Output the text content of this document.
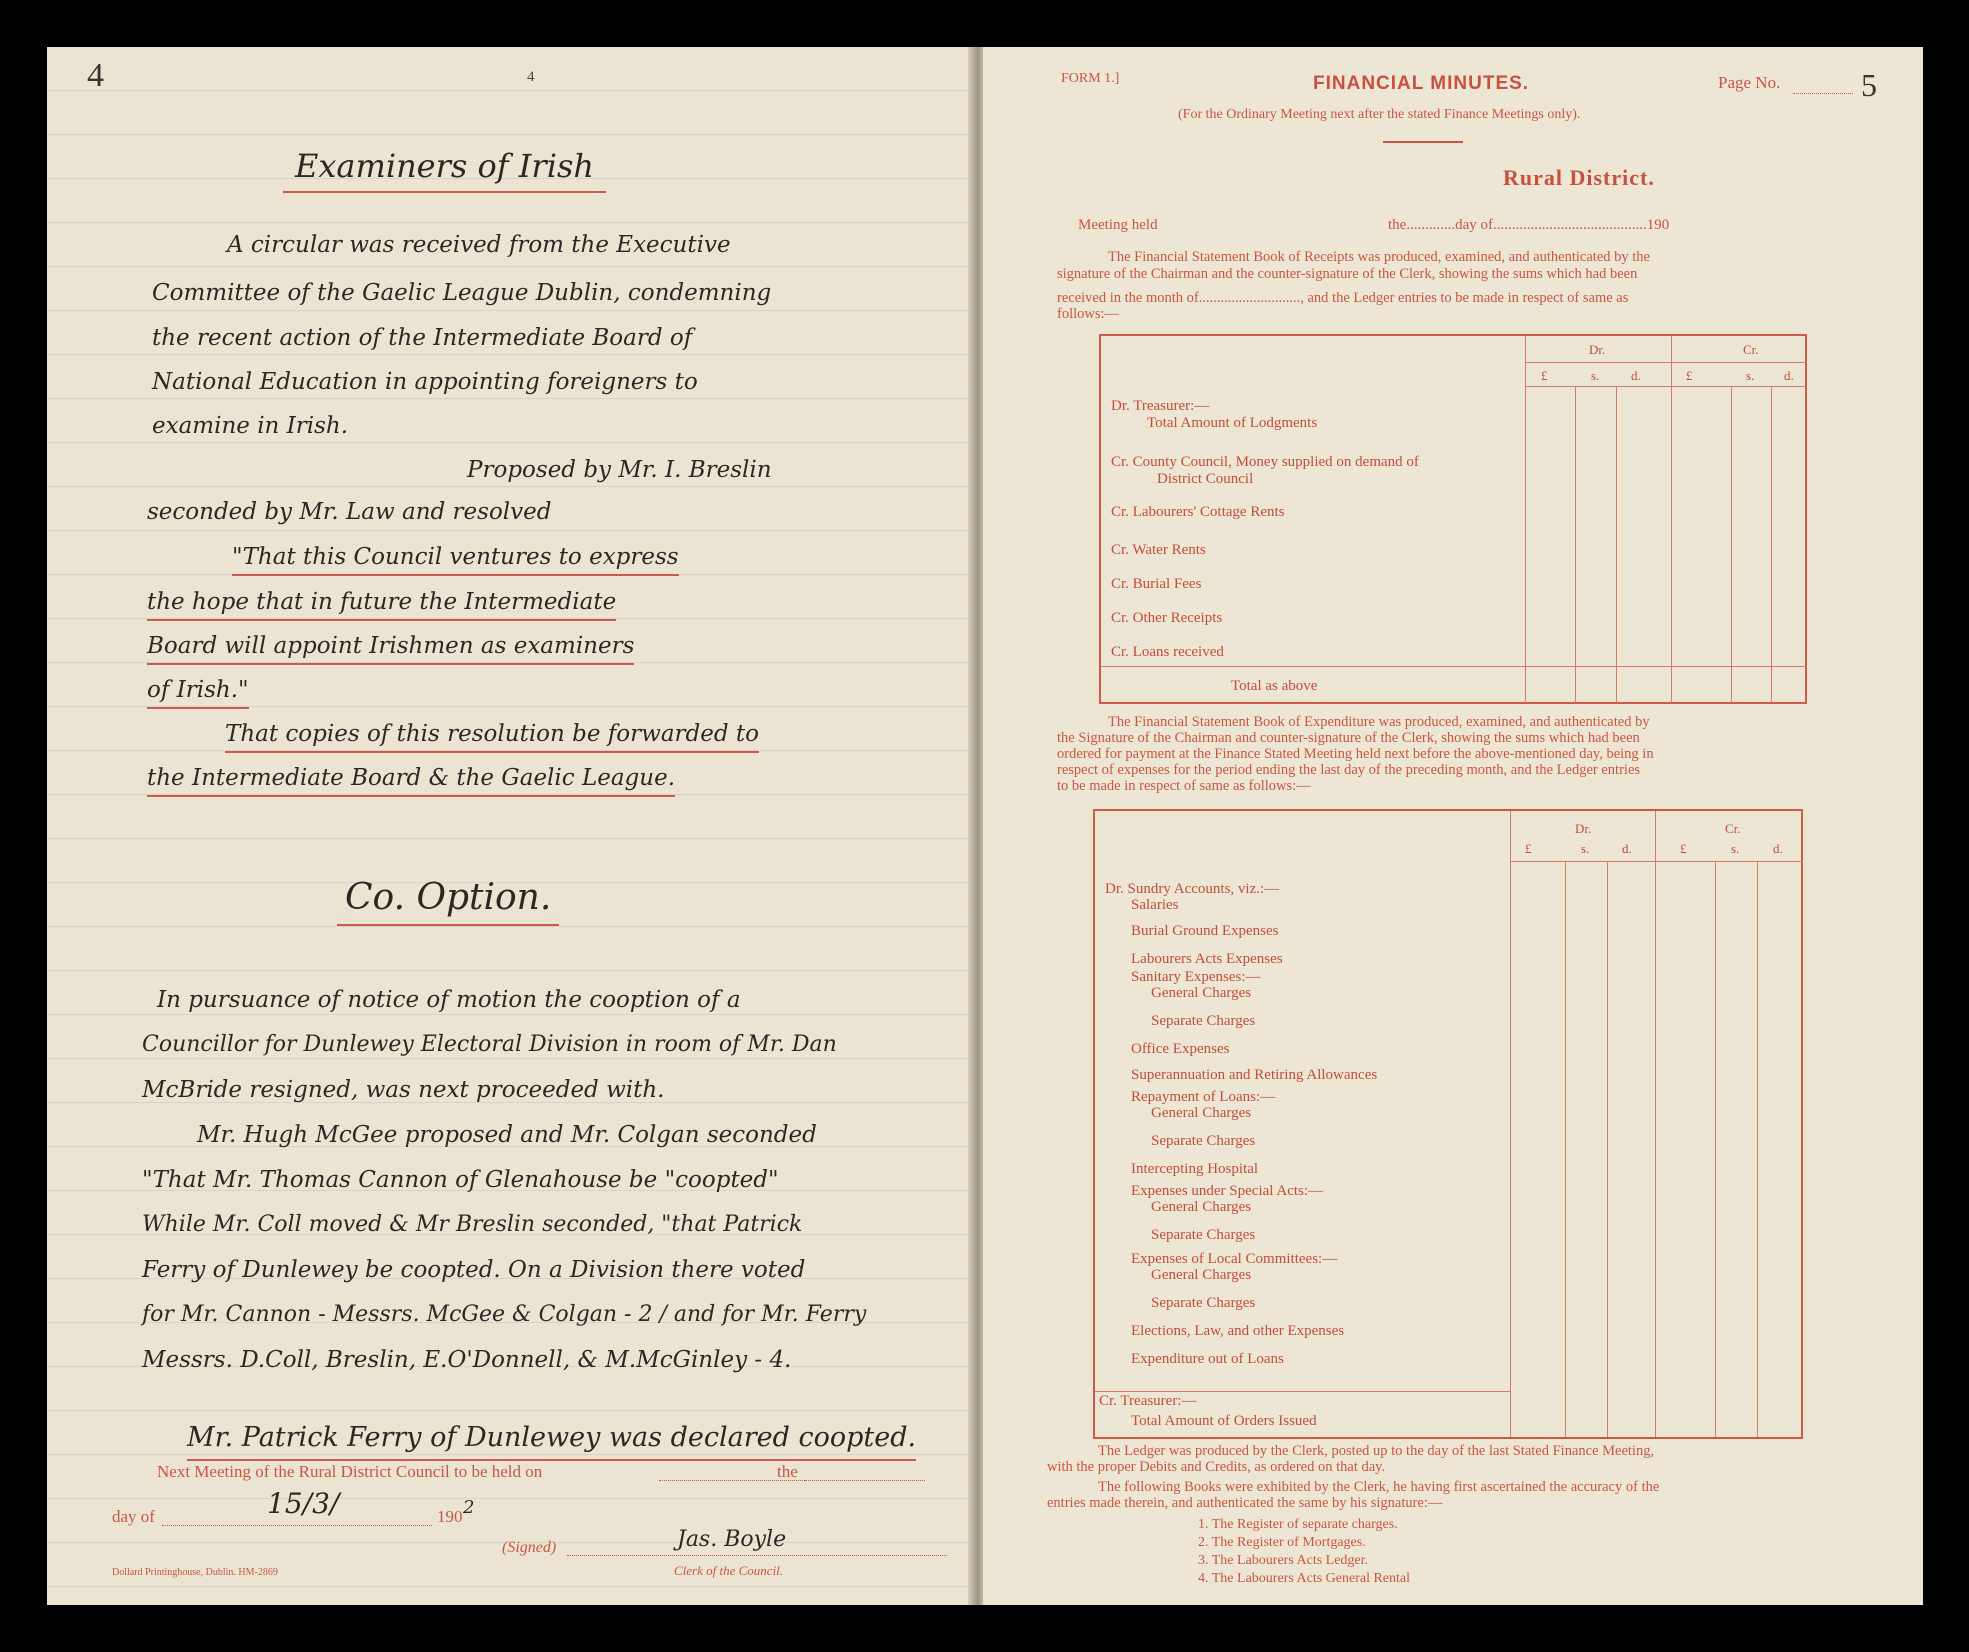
4	4
Examiners of Irish
A circular was received from the Executive
Committee of the Gaelic League Dublin, condemning
the recent action of the Intermediate Board of
National Education in appointing foreigners to
examine in Irish.
Proposed by Mr. I. Breslin
seconded by Mr. Law and resolved
"That this Council ventures to express
the hope that in future the Intermediate
Board will appoint Irishmen as examiners
of Irish."
That copies of this resolution be forwarded to
the Intermediate Board & the Gaelic League.
Co. Option.
In pursuance of notice of motion the cooption of a
Councillor for Dunlewey Electoral Division in room of Mr. Dan
McBride resigned, was next proceeded with.
Mr. Hugh McGee proposed and Mr. Colgan seconded
"That Mr. Thomas Cannon of Glenahouse be "coopted"
While Mr. Coll moved & Mr Breslin seconded, "that Patrick
Ferry of Dunlewey be coopted. On a Division there voted
for Mr. Cannon - Messrs. McGee & Colgan - 2 / and for Mr. Ferry
Messrs. D.Coll, Breslin, E.O'Donnell, & M.McGinley - 4.
Mr. Patrick Ferry of Dunlewey was declared coopted.
Next Meeting of the Rural District Council to be held on	the
day of	15/3/	190 2
(Signed)	Jas. Boyle
Clerk of the Council.
Dollard Printinghouse, Dublin. HM-2869
FORM 1.]	FINANCIAL MINUTES.	Page No.	5
(For the Ordinary Meeting next after the stated Finance Meetings only).
Rural District.
Meeting held	the.............day of.........................................190
The Financial Statement Book of Receipts was produced, examined, and authenticated by the
signature of the Chairman and the counter-signature of the Clerk, showing the sums which had been
received in the month of............................, and the Ledger entries to be made in respect of same as
follows:—
Dr.	Cr.
£	s. d.	£	s. d.
Dr. Treasurer:—
Total Amount of Lodgments
Cr. County Council, Money supplied on demand of
District Council
Cr. Labourers' Cottage Rents
Cr. Water Rents
Cr. Burial Fees
Cr. Other Receipts
Cr. Loans received
Total as above
The Financial Statement Book of Expenditure was produced, examined, and authenticated by
the Signature of the Chairman and counter-signature of the Clerk, showing the sums which had been
ordered for payment at the Finance Stated Meeting held next before the above-mentioned day, being in
respect of expenses for the period ending the last day of the preceding month, and the Ledger entries
to be made in respect of same as follows:—
Dr.	Cr.
£	s.	d.	£	s.	d.
Dr. Sundry Accounts, viz.:—
Salaries
Burial Ground Expenses
Labourers Acts Expenses
Sanitary Expenses:—
General Charges
Separate Charges
Office Expenses
Superannuation and Retiring Allowances
Repayment of Loans:—
General Charges
Separate Charges
Intercepting Hospital
Expenses under Special Acts:—
General Charges
Separate Charges
Expenses of Local Committees:—
General Charges
Separate Charges
Elections, Law, and other Expenses
Expenditure out of Loans
Cr. Treasurer:—
Total Amount of Orders Issued
The Ledger was produced by the Clerk, posted up to the day of the last Stated Finance Meeting,
with the proper Debits and Credits, as ordered on that day.
The following Books were exhibited by the Clerk, he having first ascertained the accuracy of the
entries made therein, and authenticated the same by his signature:—
1. The Register of separate charges.
2. The Register of Mortgages.
3. The Labourers Acts Ledger.
4. The Labourers Acts General Rental
